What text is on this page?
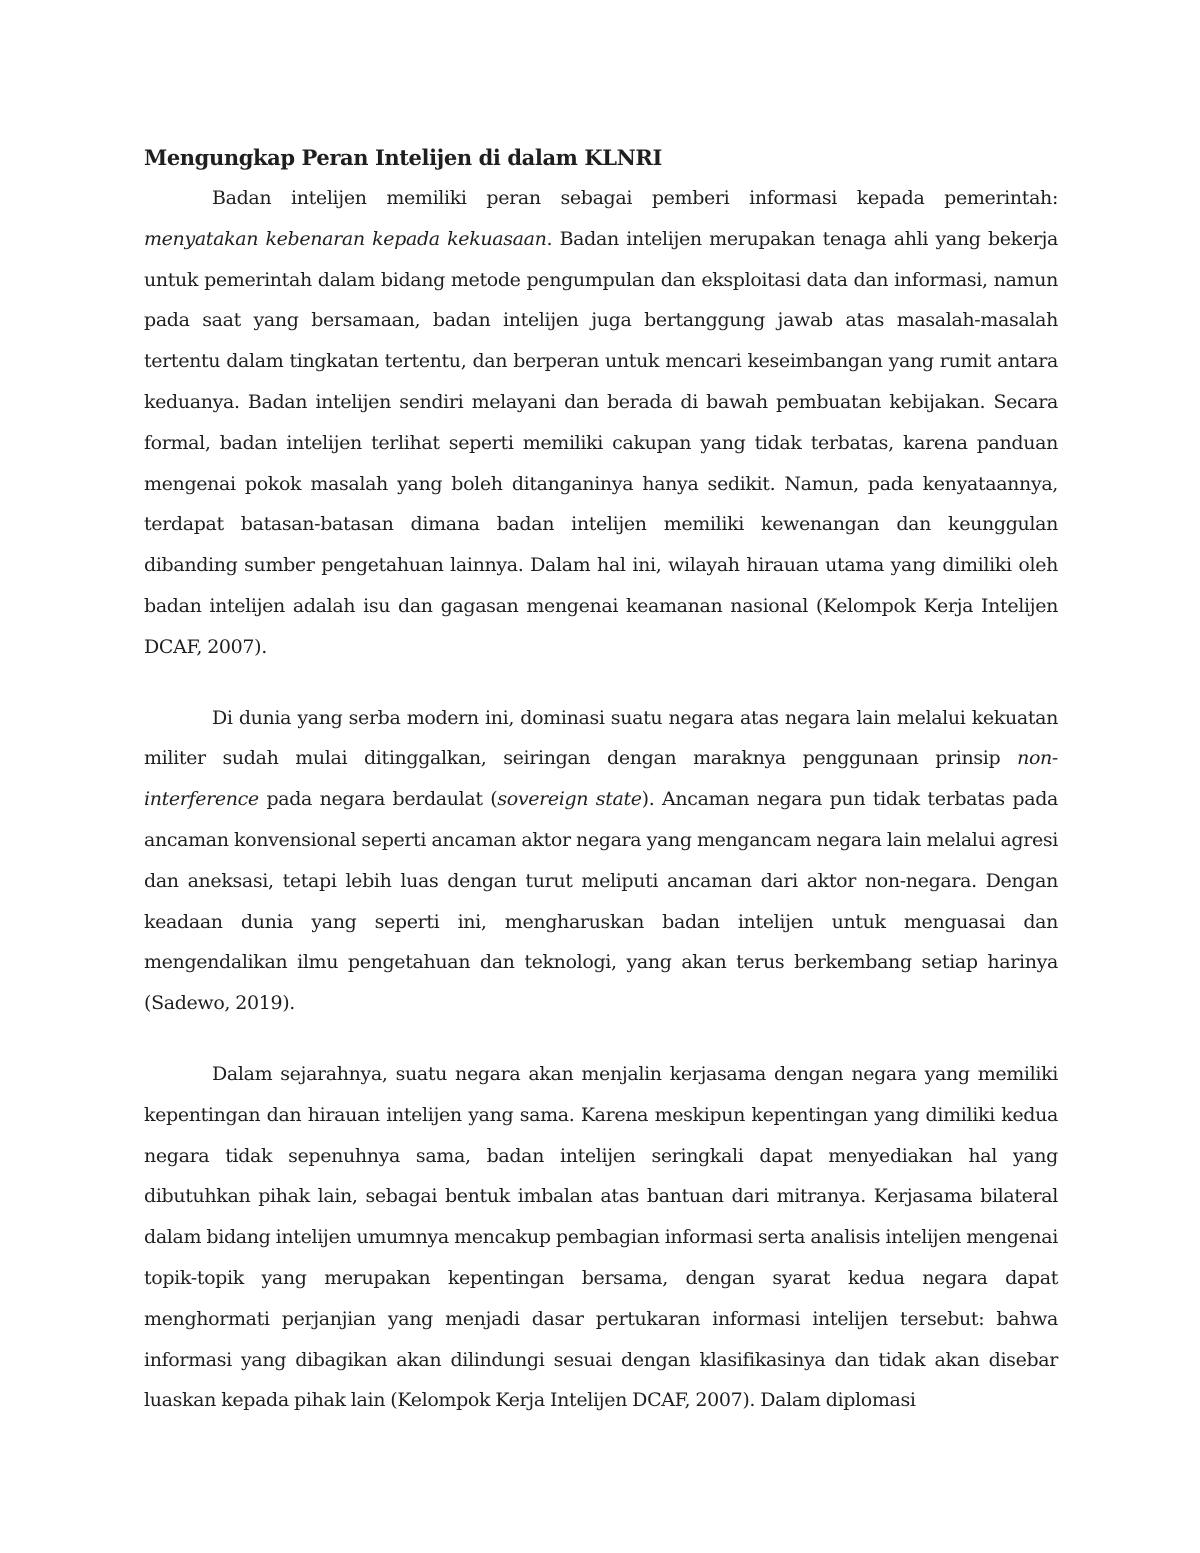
Mengungkap Peran Intelijen di dalam KLNRI

Badan intelijen memiliki peran sebagai pemberi informasi kepada pemerintah: menyatakan kebenaran kepada kekuasaan. Badan intelijen merupakan tenaga ahli yang bekerja untuk pemerintah dalam bidang metode pengumpulan dan eksploitasi data dan informasi, namun pada saat yang bersamaan, badan intelijen juga bertanggung jawab atas masalah-masalah tertentu dalam tingkatan tertentu, dan berperan untuk mencari keseimbangan yang rumit antara keduanya. Badan intelijen sendiri melayani dan berada di bawah pembuatan kebijakan. Secara formal, badan intelijen terlihat seperti memiliki cakupan yang tidak terbatas, karena panduan mengenai pokok masalah yang boleh ditanganinya hanya sedikit. Namun, pada kenyataannya, terdapat batasan-batasan dimana badan intelijen memiliki kewenangan dan keunggulan dibanding sumber pengetahuan lainnya. Dalam hal ini, wilayah hirauan utama yang dimiliki oleh badan intelijen adalah isu dan gagasan mengenai keamanan nasional (Kelompok Kerja Intelijen DCAF, 2007).

Di dunia yang serba modern ini, dominasi suatu negara atas negara lain melalui kekuatan militer sudah mulai ditinggalkan, seiringan dengan maraknya penggunaan prinsip non-interference pada negara berdaulat (sovereign state). Ancaman negara pun tidak terbatas pada ancaman konvensional seperti ancaman aktor negara yang mengancam negara lain melalui agresi dan aneksasi, tetapi lebih luas dengan turut meliputi ancaman dari aktor non-negara. Dengan keadaan dunia yang seperti ini, mengharuskan badan intelijen untuk menguasai dan mengendalikan ilmu pengetahuan dan teknologi, yang akan terus berkembang setiap harinya (Sadewo, 2019).

Dalam sejarahnya, suatu negara akan menjalin kerjasama dengan negara yang memiliki kepentingan dan hirauan intelijen yang sama. Karena meskipun kepentingan yang dimiliki kedua negara tidak sepenuhnya sama, badan intelijen seringkali dapat menyediakan hal yang dibutuhkan pihak lain, sebagai bentuk imbalan atas bantuan dari mitranya. Kerjasama bilateral dalam bidang intelijen umumnya mencakup pembagian informasi serta analisis intelijen mengenai topik-topik yang merupakan kepentingan bersama, dengan syarat kedua negara dapat menghormati perjanjian yang menjadi dasar pertukaran informasi intelijen tersebut: bahwa informasi yang dibagikan akan dilindungi sesuai dengan klasifikasinya dan tidak akan disebar luaskan kepada pihak lain (Kelompok Kerja Intelijen DCAF, 2007). Dalam diplomasi
